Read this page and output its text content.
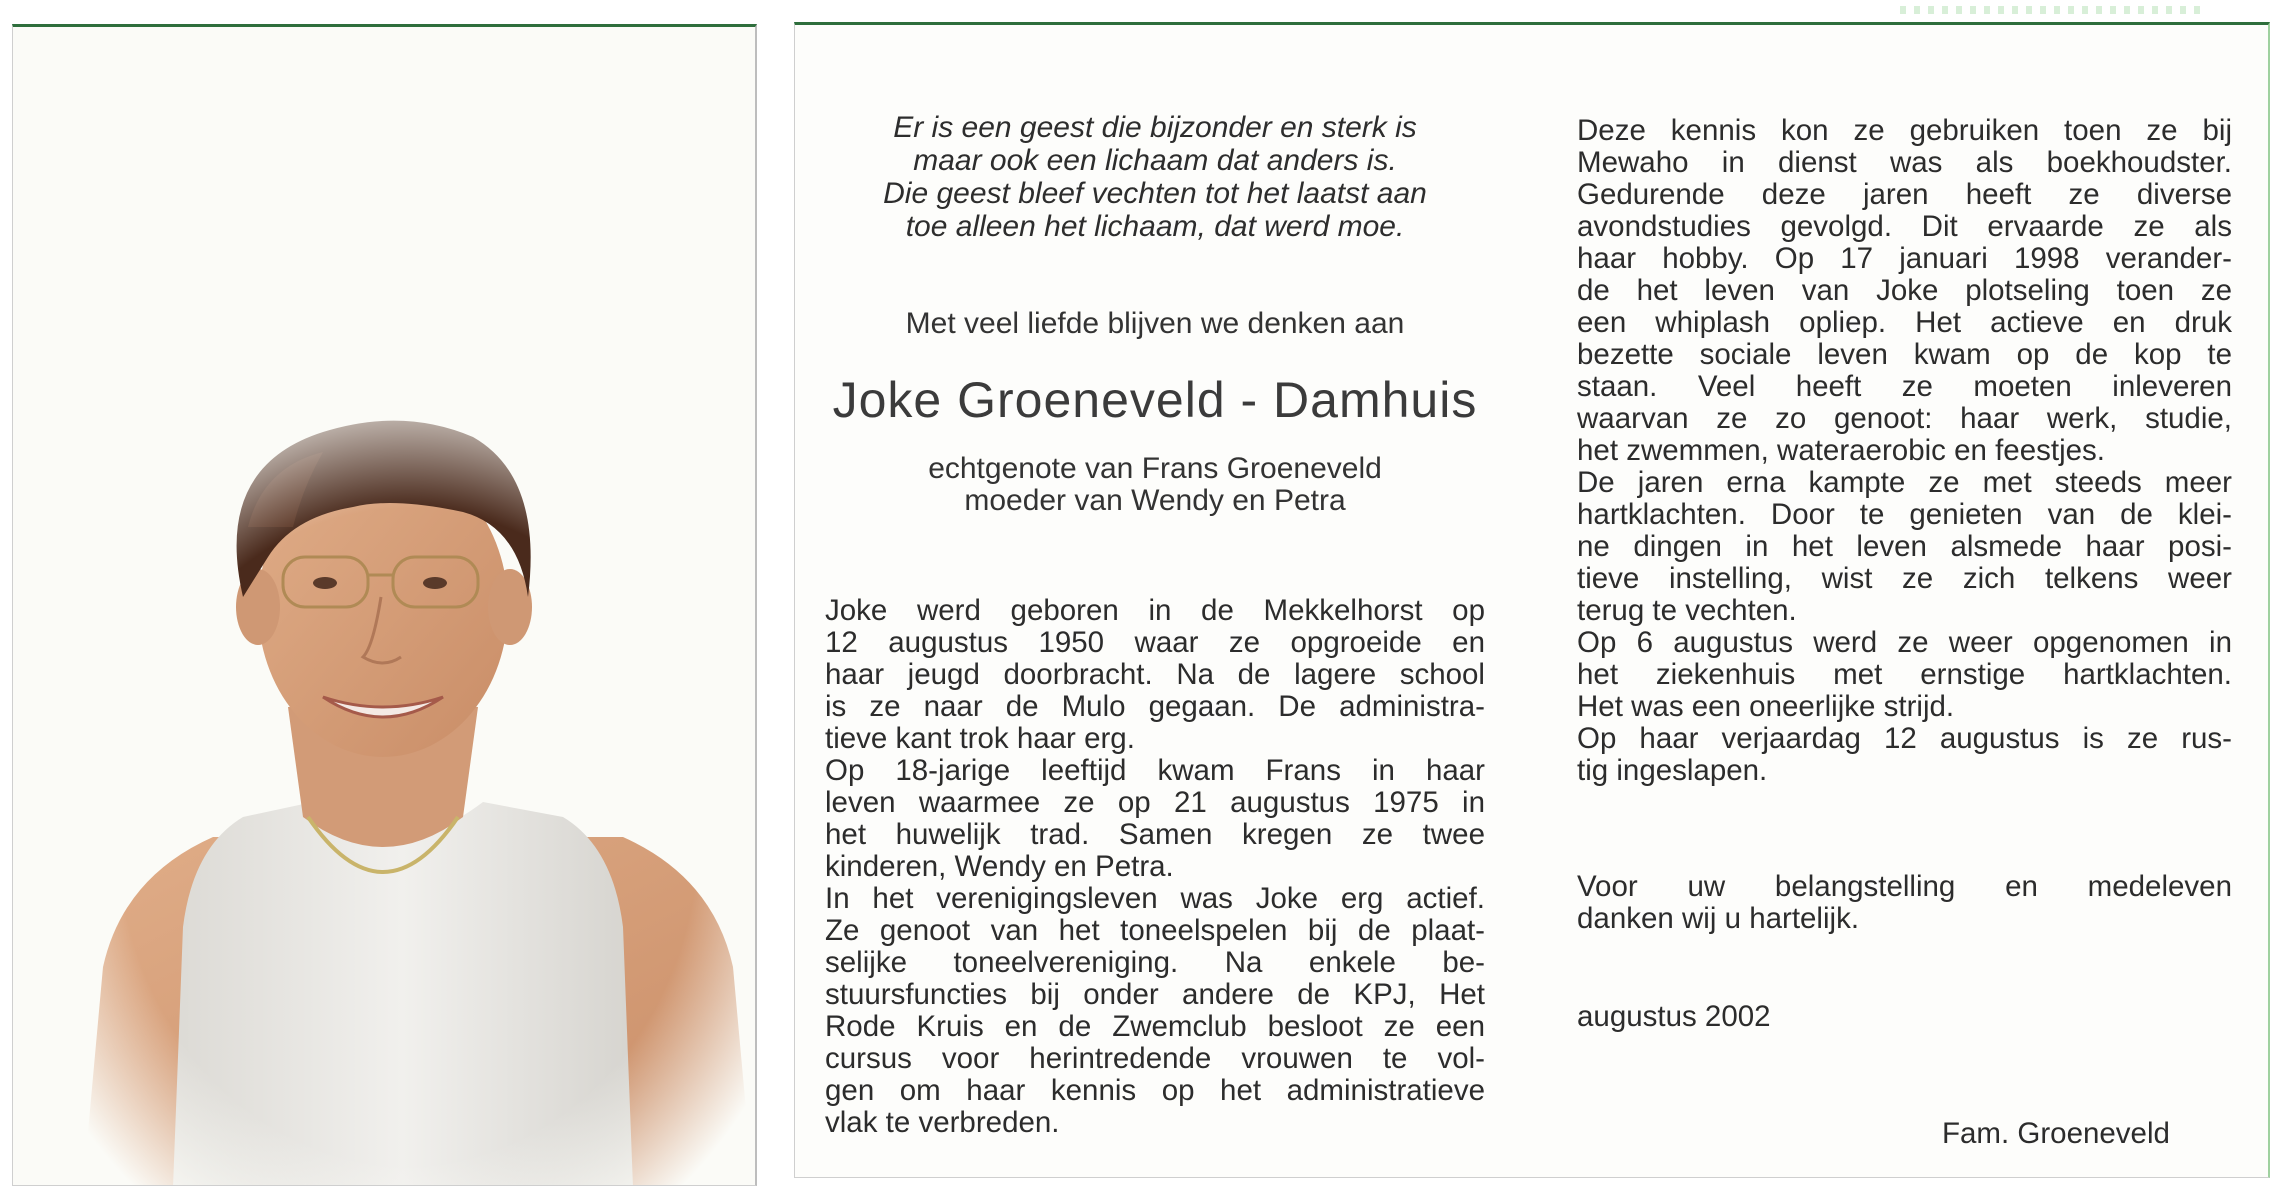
Er is een geest die bijzonder en sterk is
maar ook een lichaam dat anders is.
Die geest bleef vechten tot het laatst aan
toe alleen het lichaam, dat werd moe.

Met veel liefde blijven we denken aan

Joke Groeneveld - Damhuis

echtgenote van Frans Groeneveld
moeder van Wendy en Petra

Joke werd geboren in de Mekkelhorst op
12 augustus 1950 waar ze opgroeide en
haar jeugd doorbracht. Na de lagere school
is ze naar de Mulo gegaan. De administra-
tieve kant trok haar erg.
Op 18-jarige leeftijd kwam Frans in haar
leven waarmee ze op 21 augustus 1975 in
het huwelijk trad. Samen kregen ze twee
kinderen, Wendy en Petra.
In het verenigingsleven was Joke erg actief.
Ze genoot van het toneelspelen bij de plaat-
selijke toneelvereniging. Na enkele be-
stuursfuncties bij onder andere de KPJ, Het
Rode Kruis en de Zwemclub besloot ze een
cursus voor herintredende vrouwen te vol-
gen om haar kennis op het administratieve
vlak te verbreden.

Deze kennis kon ze gebruiken toen ze bij
Mewaho in dienst was als boekhoudster.
Gedurende deze jaren heeft ze diverse
avondstudies gevolgd. Dit ervaarde ze als
haar hobby. Op 17 januari 1998 verander-
de het leven van Joke plotseling toen ze
een whiplash opliep. Het actieve en druk
bezette sociale leven kwam op de kop te
staan. Veel heeft ze moeten inleveren
waarvan ze zo genoot: haar werk, studie,
het zwemmen, wateraerobic en feestjes.
De jaren erna kampte ze met steeds meer
hartklachten. Door te genieten van de klei-
ne dingen in het leven alsmede haar posi-
tieve instelling, wist ze zich telkens weer
terug te vechten.
Op 6 augustus werd ze weer opgenomen in
het ziekenhuis met ernstige hartklachten.
Het was een oneerlijke strijd.
Op haar verjaardag 12 augustus is ze rus-
tig ingeslapen.

Voor uw belangstelling en medeleven
danken wij u hartelijk.

augustus 2002

Fam. Groeneveld
